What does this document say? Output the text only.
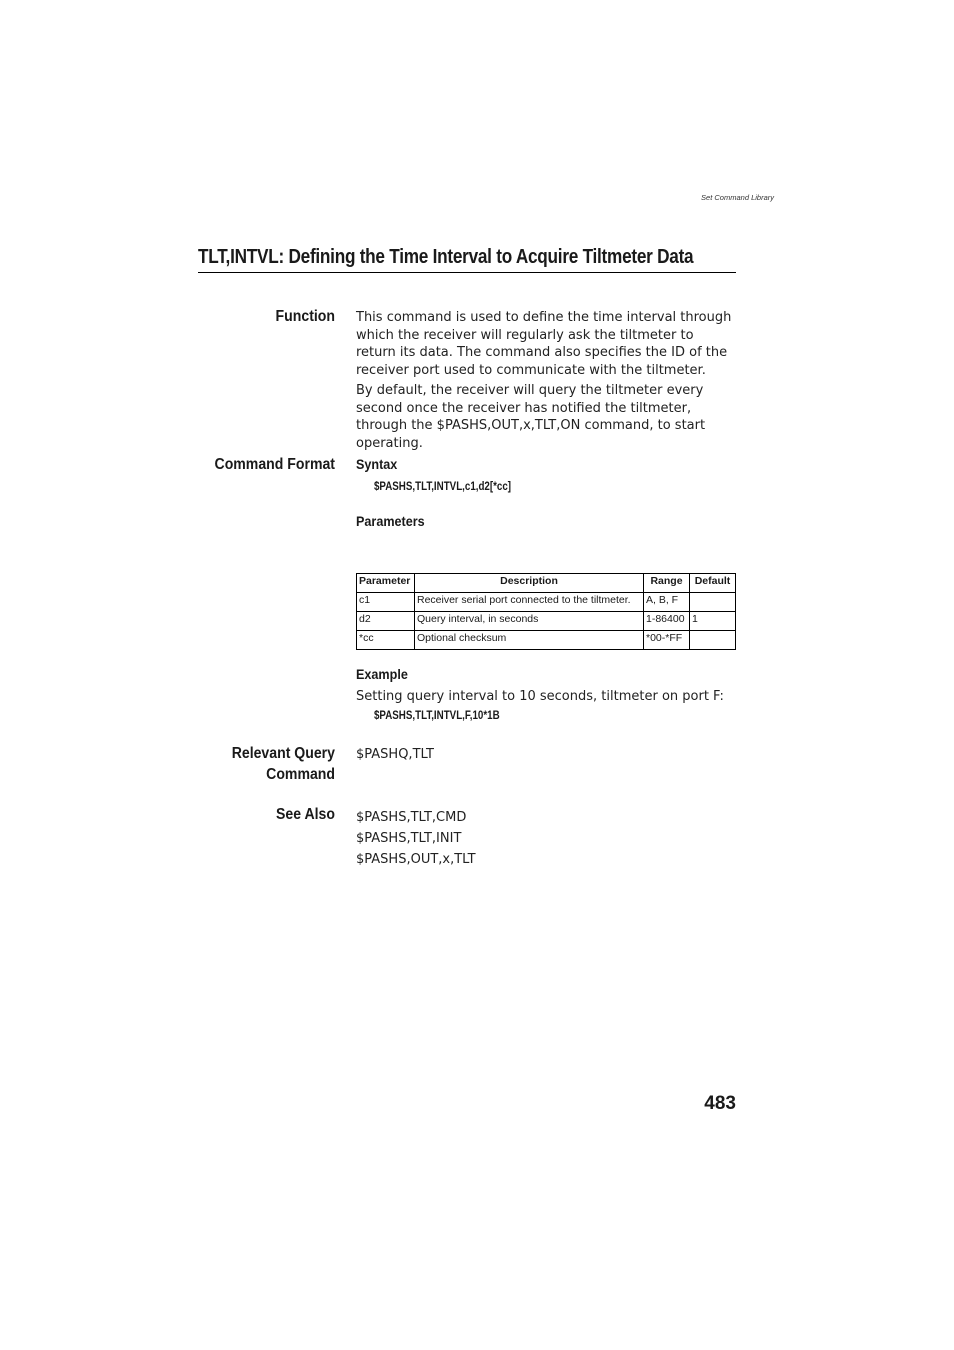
Set Command Library
TLT,INTVL: Defining the Time Interval to Acquire Tiltmeter Data
Function This command is used to define the time interval through which the receiver will regularly ask the tiltmeter to return its data. The command also specifies the ID of the receiver port used to communicate with the tiltmeter.
By default, the receiver will query the tiltmeter every second once the receiver has notified the tiltmeter, through the $PASHS,OUT,x,TLT,ON command, to start operating.
Command Format Syntax
$PASHS,TLT,INTVL,c1,d2[*cc]
Parameters
Parameter	Description	Range	Default
c1	Receiver serial port connected to the tiltmeter.	A, B, F	
d2	Query interval, in seconds	1-86400	1
*cc	Optional checksum	*00-*FF	
Example
Setting query interval to 10 seconds, tiltmeter on port F:
$PASHS,TLT,INTVL,F,10*1B
Relevant Query
Command
$PASHQ,TLT
See Also $PASHS,TLT,CMD
$PASHS,TLT,INIT
$PASHS,OUT,x,TLT
483
